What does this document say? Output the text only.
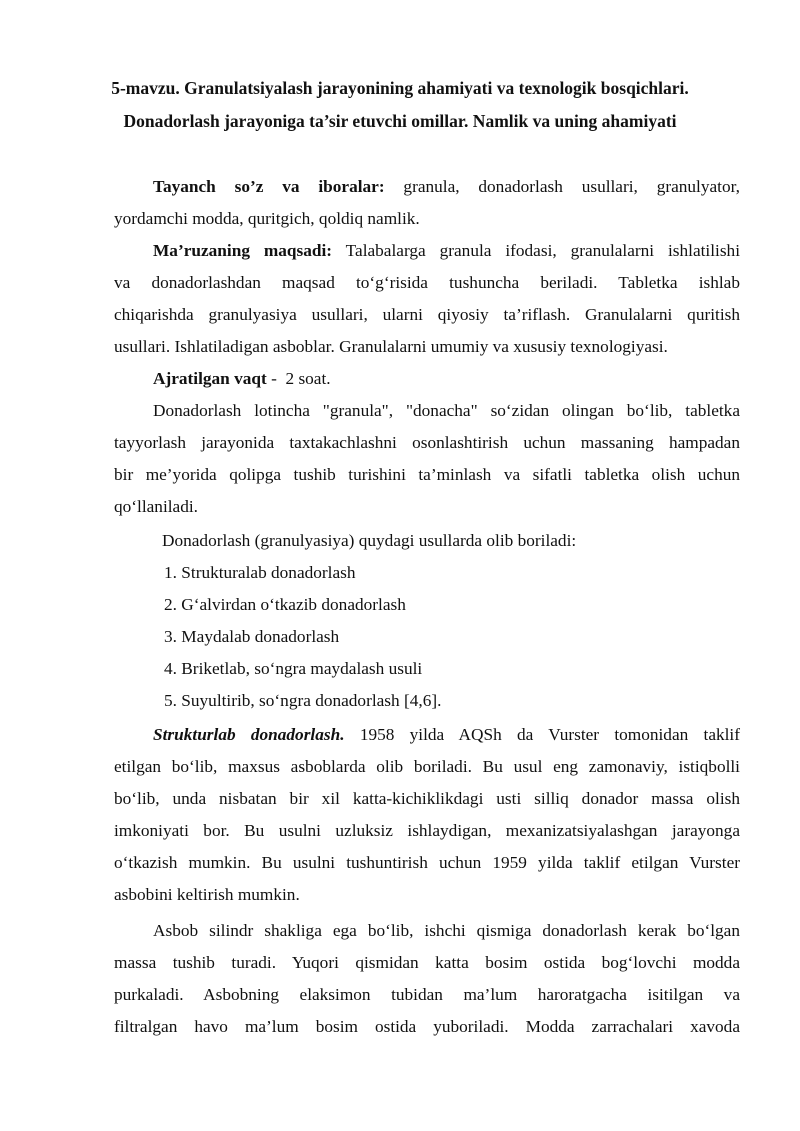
5-mavzu. Granulatsiyalash jarayonining ahamiyati va texnologik bosqichlari.
Donadorlash jarayoniga ta’sir etuvchi omillar. Namlik va uning ahamiyati
Tayanch so’z va iboralar: granula, donadorlash usullari, granulyator,
yordamchi modda, quritgich, qoldiq namlik.
Ma’ruzaning maqsadi: Talabalarga granula ifodasi, granulalarni ishlatilishi
va donadorlashdan maqsad to‘g‘risida tushuncha beriladi. Tabletka ishlab
chiqarishda granulyasiya usullari, ularni qiyosiy ta’riflash. Granulalarni quritish
usullari. Ishlatiladigan asboblar. Granulalarni umumiy va xususiy texnologiyasi.
Ajratilgan vaqt -  2 soat.
Donadorlash lotincha "granula", "donacha" so‘zidan olingan bo‘lib, tabletka
tayyorlash jarayonida taxtakachlashni osonlashtirish uchun massaning hampadan
bir me’yorida qolipga tushib turishini ta’minlash va sifatli tabletka olish uchun
qo‘llaniladi.
Donadorlash (granulyasiya) quydagi usullarda olib boriladi:
1. Strukturalab donadorlash
2. G‘alvirdan o‘tkazib donadorlash
3. Maydalab donadorlash
4. Briketlab, so‘ngra maydalash usuli
5. Suyultirib, so‘ngra donadorlash [4,6].
Strukturlab donadorlash. 1958 yilda AQSh da Vurster tomonidan taklif
etilgan bo‘lib, maxsus asboblarda olib boriladi. Bu usul eng zamonaviy, istiqbolli
bo‘lib, unda nisbatan bir xil katta-kichiklikdagi usti silliq donador massa olish
imkoniyati bor. Bu usulni uzluksiz ishlaydigan, mexanizatsiyalashgan jarayonga
o‘tkazish mumkin. Bu usulni tushuntirish uchun 1959 yilda taklif etilgan Vurster
asbobini keltirish mumkin.
Asbob silindr shakliga ega bo‘lib, ishchi qismiga donadorlash kerak bo‘lgan
massa tushib turadi. Yuqori qismidan katta bosim ostida bog‘lovchi modda
purkaladi. Asbobning elaksimon tubidan ma’lum haroratgacha isitilgan va
filtralgan havo ma’lum bosim ostida yuboriladi. Modda zarrachalari xavoda
